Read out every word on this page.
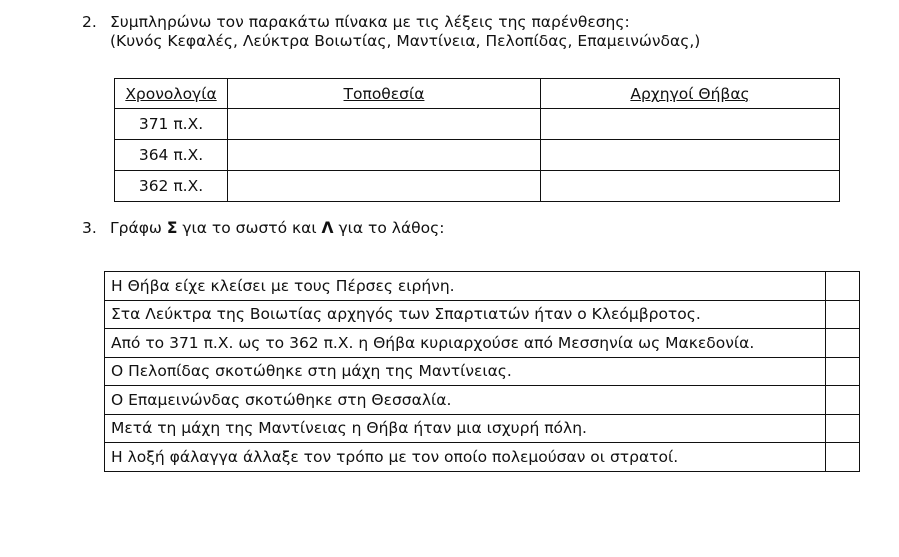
2. Συμπληρώνω τον παρακάτω πίνακα με τις λέξεις της παρένθεσης:
(Κυνός Κεφαλές, Λεύκτρα Βοιωτίας, Μαντίνεια, Πελοπίδας, Επαμεινώνδας,)
Χρονολογία	Τοποθεσία	Αρχηγοί Θήβας
371 π.Χ.		
364 π.Χ.		
362 π.Χ.		
3. Γράφω Σ για το σωστό και Λ για το λάθος:
Η Θήβα είχε κλείσει με τους Πέρσες ειρήνη.	
Στα Λεύκτρα της Βοιωτίας αρχηγός των Σπαρτιατών ήταν ο Κλεόμβροτος.	
Από το 371 π.Χ. ως το 362 π.Χ. η Θήβα κυριαρχούσε από Μεσσηνία ως Μακεδονία.	
Ο Πελοπίδας σκοτώθηκε στη μάχη της Μαντίνειας.	
Ο Επαμεινώνδας σκοτώθηκε στη Θεσσαλία.	
Μετά τη μάχη της Μαντίνειας η Θήβα ήταν μια ισχυρή πόλη.	
Η λοξή φάλαγγα άλλαξε τον τρόπο με τον οποίο πολεμούσαν οι στρατοί.	
